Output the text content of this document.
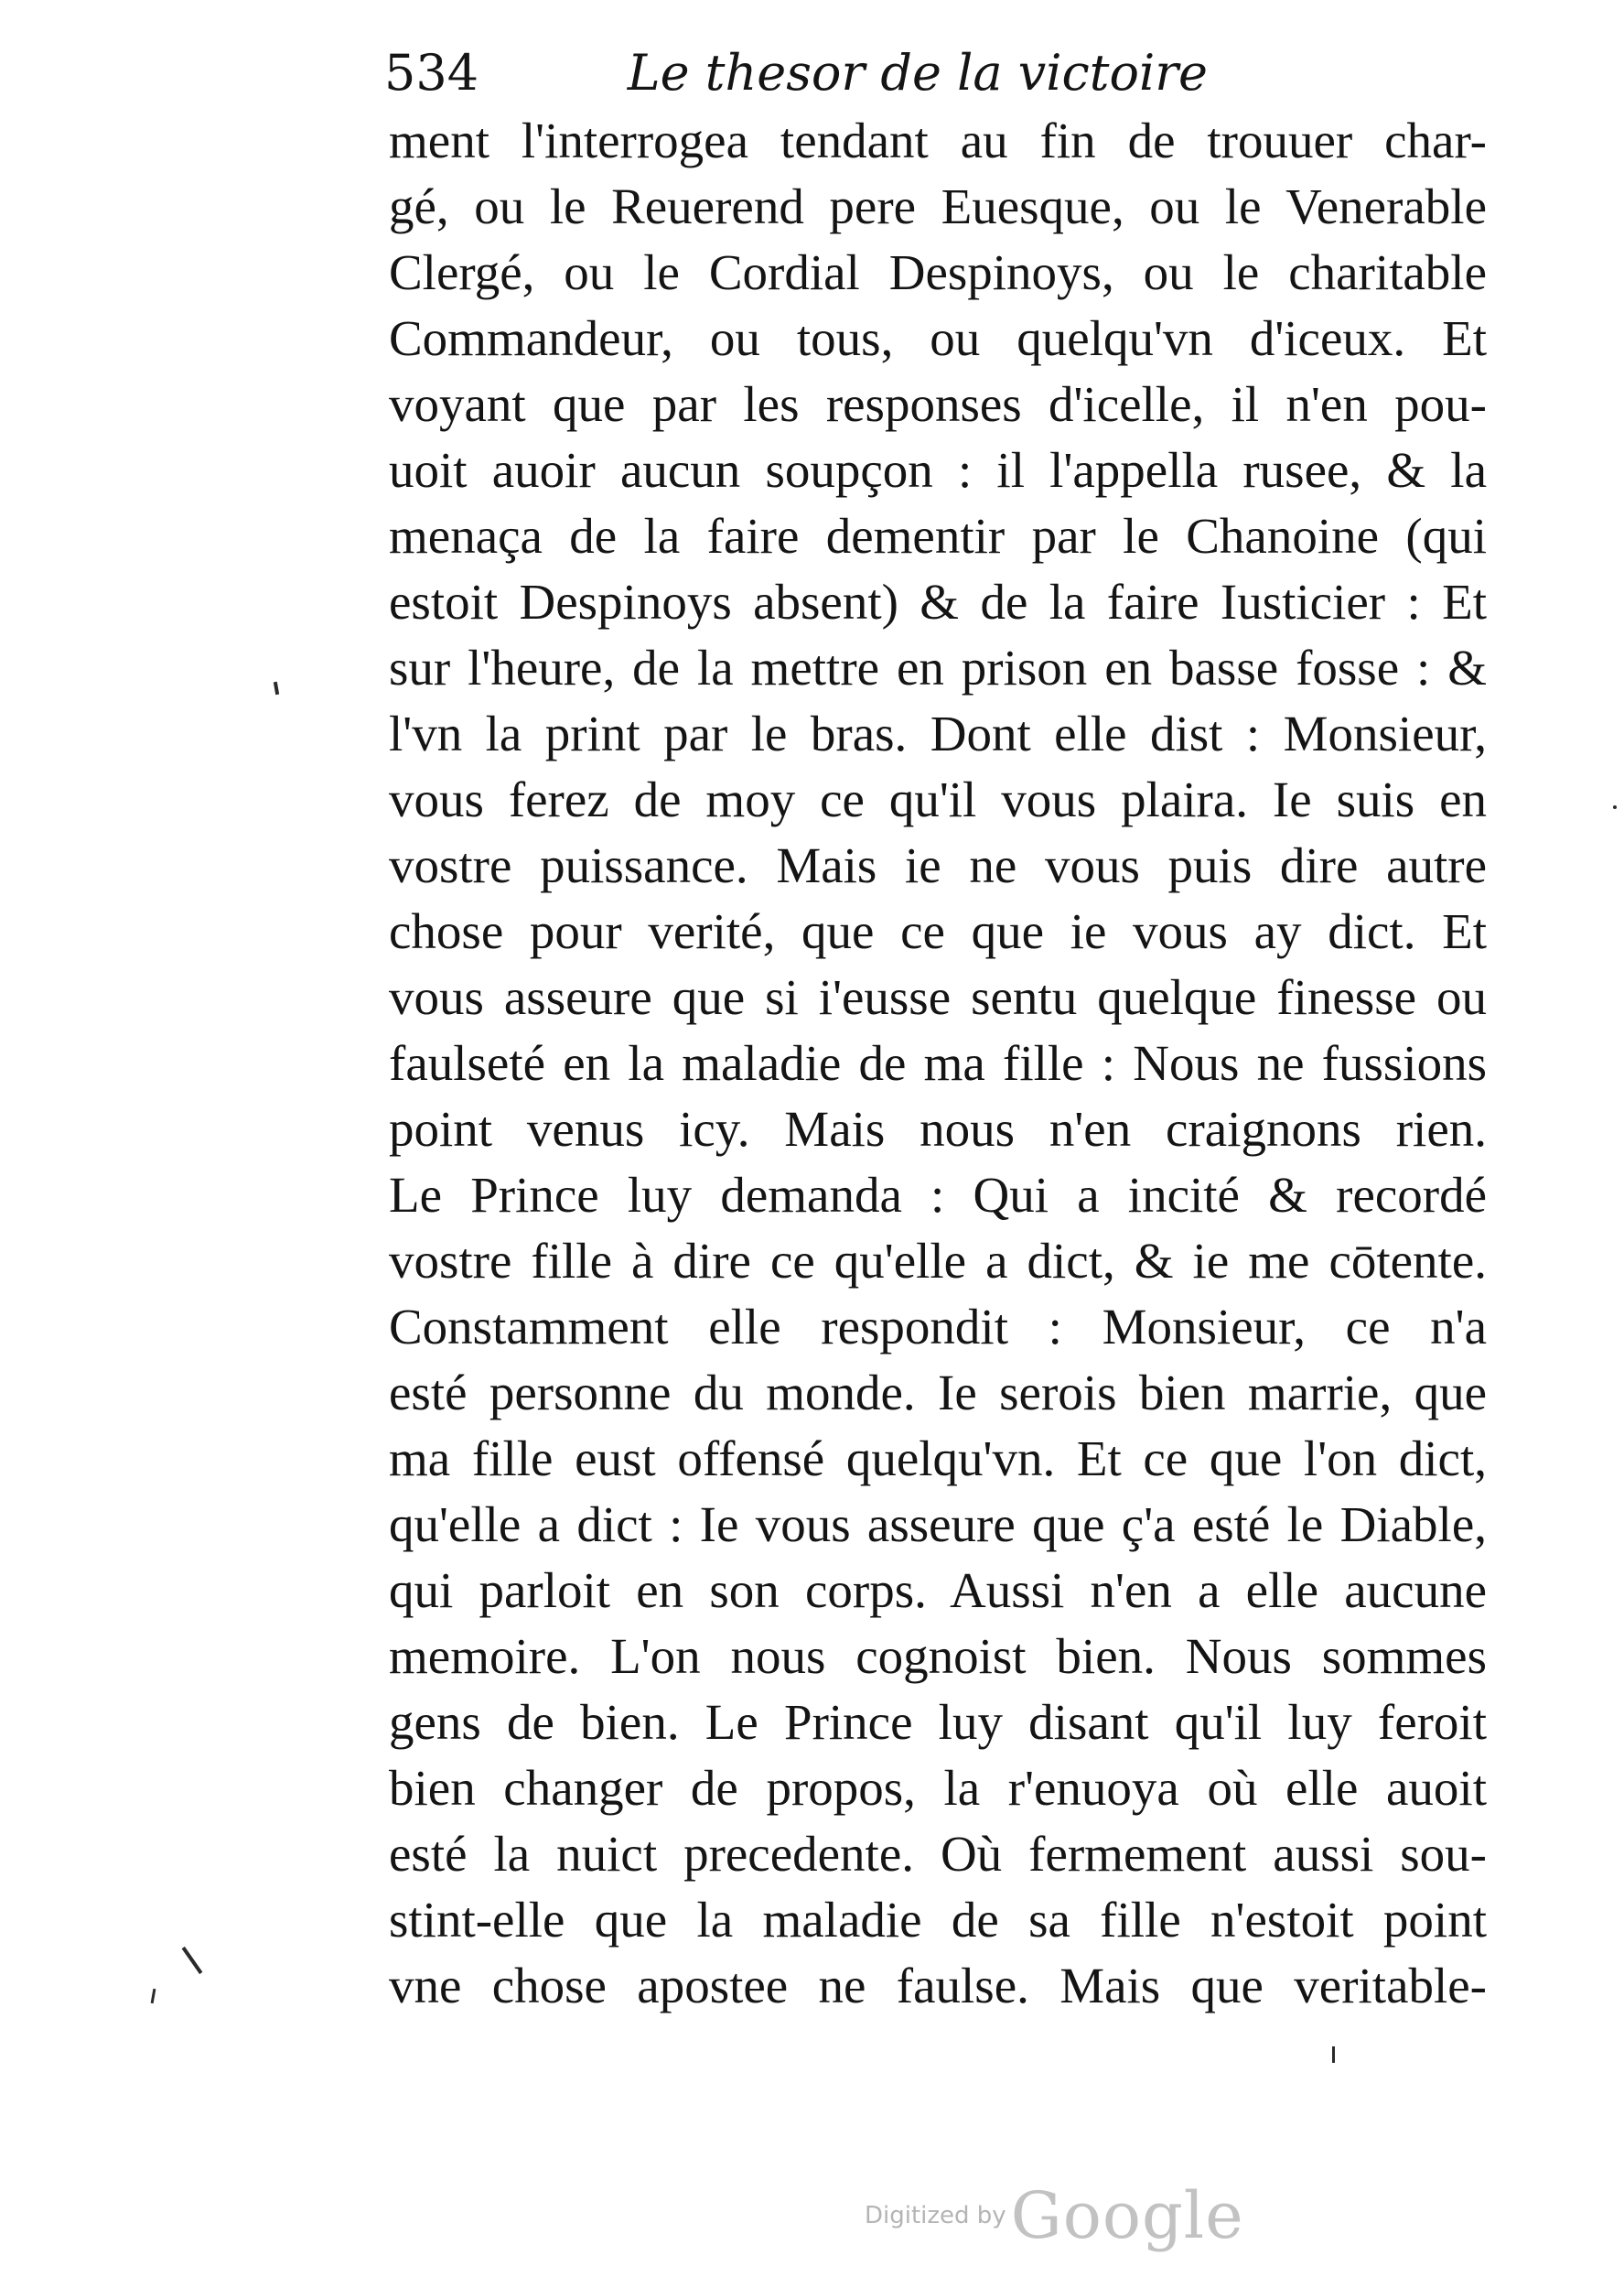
534	Le thesor de la victoire
ment l'interrogea tendant au fin de trouuer char-
gé, ou le Reuerend pere Euesque, ou le Venerable
Clergé, ou le Cordial Despinoys, ou le charitable
Commandeur, ou tous, ou quelqu'vn d'iceux. Et
voyant que par les responses d'icelle, il n'en pou-
uoit auoir aucun soupçon : il l'appella rusee, & la
menaça de la faire dementir par le Chanoine (qui
estoit Despinoys absent) & de la faire Iusticier : Et
sur l'heure, de la mettre en prison en basse fosse : &
l'vn la print par le bras. Dont elle dist : Monsieur,
vous ferez de moy ce qu'il vous plaira. Ie suis en
vostre puissance. Mais ie ne vous puis dire autre
chose pour verité, que ce que ie vous ay dict. Et
vous asseure que si i'eusse sentu quelque finesse ou
faulseté en la maladie de ma fille : Nous ne fussions
point venus icy. Mais nous n'en craignons rien.
Le Prince luy demanda : Qui a incité & recordé
vostre fille à dire ce qu'elle a dict, & ie me cōtente.
Constamment elle respondit : Monsieur, ce n'a
esté personne du monde. Ie serois bien marrie, que
ma fille eust offensé quelqu'vn. Et ce que l'on dict,
qu'elle a dict : Ie vous asseure que ç'a esté le Diable,
qui parloit en son corps. Aussi n'en a elle aucune
memoire. L'on nous cognoist bien. Nous sommes
gens de bien. Le Prince luy disant qu'il luy feroit
bien changer de propos, la r'enuoya où elle auoit
esté la nuict precedente. Où fermement aussi sou-
stint-elle que la maladie de sa fille n'estoit point
vne chose apostee ne faulse. Mais que veritable-
Digitized by Google
